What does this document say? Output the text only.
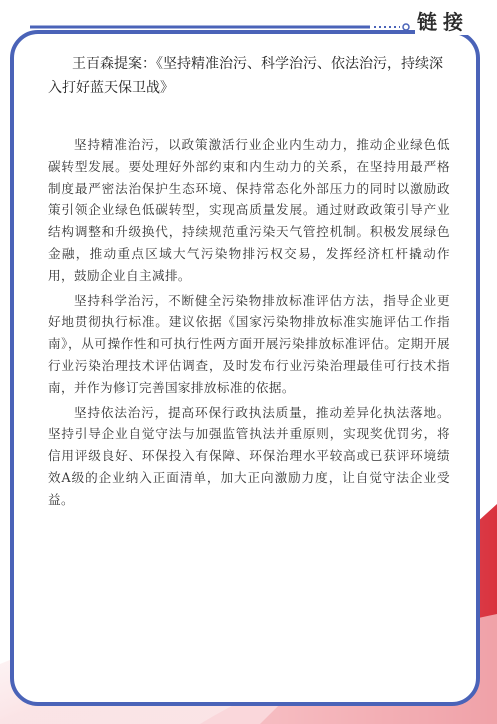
链接

王百森提案：《坚持精准治污、科学治污、依法治污，持续深入打好蓝天保卫战》

坚持精准治污，以政策激活行业企业内生动力，推动企业绿色低碳转型发展。要处理好外部约束和内生动力的关系，在坚持用最严格制度最严密法治保护生态环境、保持常态化外部压力的同时以激励政策引领企业绿色低碳转型，实现高质量发展。通过财政政策引导产业结构调整和升级换代，持续规范重污染天气管控机制。积极发展绿色金融，推动重点区域大气污染物排污权交易，发挥经济杠杆撬动作用，鼓励企业自主减排。

坚持科学治污，不断健全污染物排放标准评估方法，指导企业更好地贯彻执行标准。建议依据《国家污染物排放标准实施评估工作指南》，从可操作性和可执行性两方面开展污染排放标准评估。定期开展行业污染治理技术评估调查，及时发布行业污染治理最佳可行技术指南，并作为修订完善国家排放标准的依据。

坚持依法治污，提高环保行政执法质量，推动差异化执法落地。坚持引导企业自觉守法与加强监管执法并重原则，实现奖优罚劣，将信用评级良好、环保投入有保障、环保治理水平较高或已获评环境绩效A级的企业纳入正面清单，加大正向激励力度，让自觉守法企业受益。
